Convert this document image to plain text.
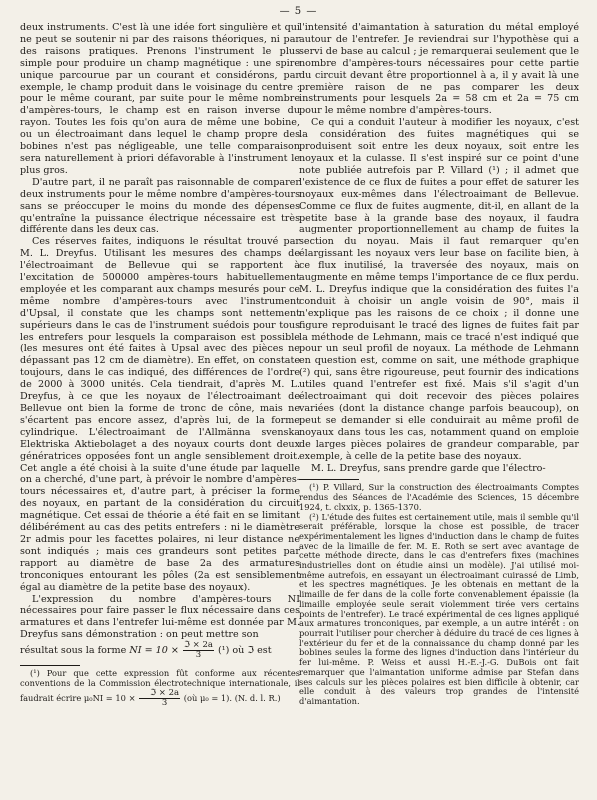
— 5 —

deux instruments. C'est là une idée fort singulière et qui ne peut se soutenir ni par des raisons théoriques, ni par des raisons pratiques. Prenons l'instrument le plus simple pour produire un champ magnétique : une spire unique parcourue par un courant et considérons, par exemple, le champ produit dans le voisinage du centre : pour le même courant, par suite pour le même nombre d'ampères-tours, le champ est en raison inverse du rayon. Toutes les fois qu'on aura de même une bobine, ou un électroaimant dans lequel le champ propre des bobines n'est pas négligeable, une telle comparaison sera naturellement à priori défavorable à l'instrument le plus gros.

D'autre part, il ne paraît pas raisonnable de comparer deux instruments pour le même nombre d'ampères-tours sans se préoccuper le moins du monde des dépenses qu'entraîne la puissance électrique nécessaire est très différente dans les deux cas.

Ces réserves faites, indiquons le résultat trouvé par M. L. Dreyfus. Utilisant les mesures des champs de l'électroaimant de Bellevue qui se rapportent à l'excitation de 500000 ampères-tours habituellement employée et les comparant aux champs mesurés pour ce même nombre d'ampères-tours avec l'instrument d'Upsal, il constate que les champs sont nettement supérieurs dans le cas de l'instrument suédois pour tous les entrefers pour lesquels la comparaison est possible (les mesures ont été faites à Upsal avec des pièces ne dépassant pas 12 cm de diamètre). En effet, on constate toujours, dans le cas indiqué, des différences de l'ordre de 2000 à 3000 unités. Cela tiendrait, d'après M. L. Dreyfus, à ce que les noyaux de l'électroaimant de Bellevue ont bien la forme de tronc de cône, mais ne s'écartent pas encore assez, d'après lui, de la forme cylindrique. L'électroaimant de l'Allmänna svenska Elektriska Aktiebolaget a des noyaux courts dont deux génératrices opposées font un angle sensiblement droit. Cet angle a été choisi à la suite d'une étude par laquelle on a cherché, d'une part, à prévoir le nombre d'ampères-tours nécessaires et, d'autre part, à préciser la forme des noyaux, en partant de la considération du circuit magnétique. Cet essai de théorie a été fait en se limitant délibérément au cas des petits entrefers : ni le diamètre 2r admis pour les facettes polaires, ni leur distance ne sont indiqués ; mais ces grandeurs sont petites par rapport au diamètre de base 2a des armatures tronconiques entourant les pôles (2a est sensiblement égal au diamètre de la petite base des noyaux).

L'expression du nombre d'ampères-tours NI nécessaires pour faire passer le flux nécessaire dans ces armatures et dans l'entrefer lui-même est donnée par M. Dreyfus sans démonstration : on peut mettre son

résultat sous la forme NI = $10 \times \frac{\text{ℑ × 2a}}{3} (^1)$ où ℑ est

(¹) Pour que cette expression fût conforme aux récentes conventions de la Commission électrotechnique internationale, il faudrait écrire $\mu_0NI = 10 \times \frac{\text{ℑ × 2a}}{3}$ (où μ₀ = 1). (N. d. l. R.)

l'intensité d'aimantation à saturation du métal employé autour de l'entrefer. Je reviendrai sur l'hypothèse qui a servi de base au calcul ; je remarquerai seulement que le nombre d'ampères-tours nécessaires pour cette partie du circuit devant être proportionnel à a, il y avait là une première raison de ne pas comparer les deux instruments pour lesquels 2a = 58 cm et 2a = 75 cm pour le même nombre d'ampères-tours.

Ce qui a conduit l'auteur à modifier les noyaux, c'est la considération des fuites magnétiques qui se produisent soit entre les deux noyaux, soit entre les noyaux et la culasse. Il s'est inspiré sur ce point d'une note publiée autrefois par P. Villard (¹) ; il admet que l'existence de ce flux de fuites a pour effet de saturer les noyaux eux-mêmes dans l'électroaimant de Bellevue. Comme ce flux de fuites augmente, dit-il, en allant de la petite base à la grande base des noyaux, il faudra augmenter proportionnellement au champ de fuites la section du noyau. Mais il faut remarquer qu'en élargissant les noyaux vers leur base on facilite bien, à ce flux inutilisé, la traversée des noyaux, mais on augmente en même temps l'importance de ce flux perdu. M. L. Dreyfus indique que la considération des fuites l'a conduit à choisir un angle voisin de 90°, mais il n'explique pas les raisons de ce choix ; il donne une figure reproduisant le tracé des lignes de fuites fait par la méthode de Lehmann, mais ce tracé n'est indiqué que pour un seul profil de noyaux. La méthode de Lehmann en question est, comme on sait, une méthode graphique (²) qui, sans être rigoureuse, peut fournir des indications utiles quand l'entrefer est fixé. Mais s'il s'agit d'un électroaimant qui doit recevoir des pièces polaires variées (dont la distance change parfois beaucoup), on peut se demander si elle conduirait au même profil de noyaux dans tous les cas, notamment quand on emploie de larges pièces polaires de grandeur comparable, par exemple, à celle de la petite base des noyaux.

M. L. Dreyfus, sans prendre garde que l'électro-

(¹) P. Villard, Sur la construction des électroaimants Comptes rendus des Séances de l'Académie des Sciences, 15 décembre 1924, t. clxxix, p. 1365-1370.

(²) L'étude des fuites est certainement utile, mais il semble qu'il serait préférable, lorsque la chose est possible, de tracer expérimentalement les lignes d'induction dans le champ de fuites avec de la limaille de fer. M. E. Roth se sert avec avantage de cette méthode directe, dans le cas d'entrefers fixes (machines industrielles dont on étudie ainsi un modèle). J'ai utilisé moi-même autrefois, en essayant un électroaimant cuirassé de Limb, et les spectres magnétiques. Je les obtenais en mettant de la limaille de fer dans de la colle forte convenablement épaissie (la limaille employée seule serait violemment tirée vers certains points de l'entrefer). Le tracé expérimental de ces lignes appliqué aux armatures tronconiques, par exemple, a un autre intérêt : on pourrait l'utiliser pour chercher à déduire du tracé de ces lignes à l'extérieur du fer et de la connaissance du champ donné par les bobines seules la forme des lignes d'induction dans l'intérieur du fer lui-même. P. Weiss et aussi H.-E.-J.-G. DuBois ont fait remarquer que l'aimantation uniforme admise par Stefan dans ses calculs sur les pièces polaires est bien difficile à obtenir, car elle conduit à des valeurs trop grandes de l'intensité d'aimantation.
